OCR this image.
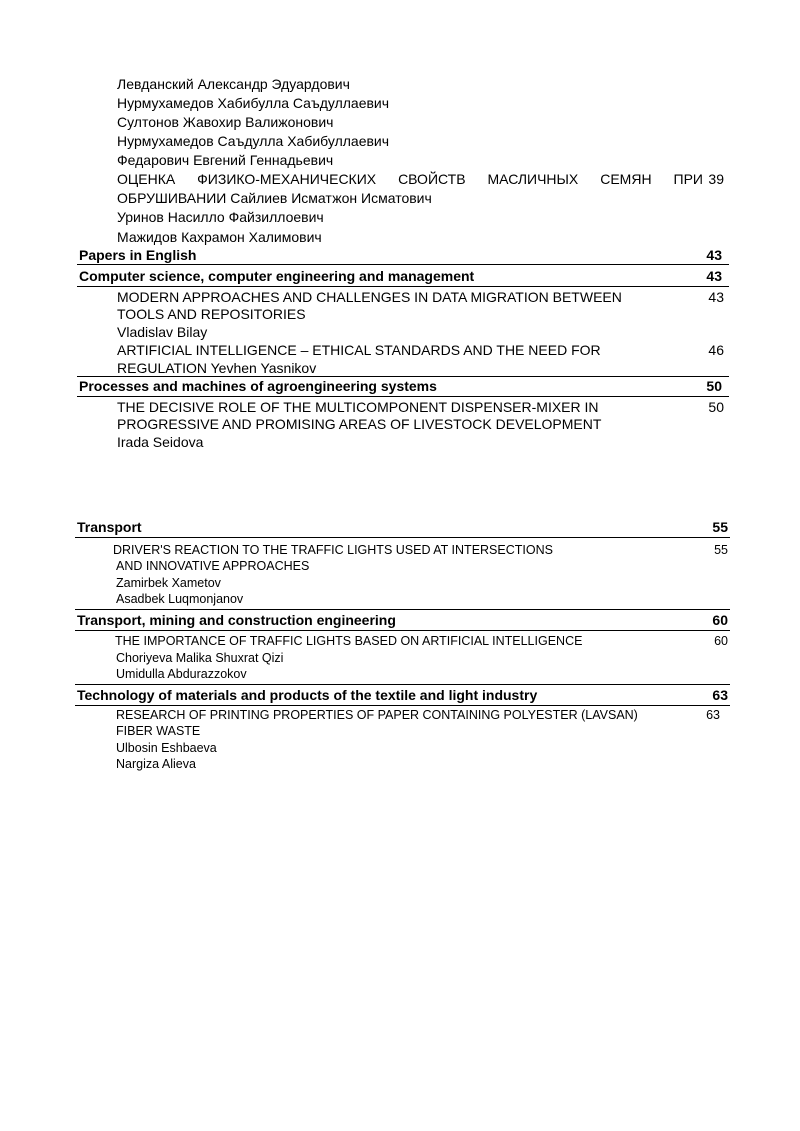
Левданский Александр Эдуардович
Нурмухамедов Хабибулла Саъдуллаевич
Султонов Жавохир Валижонович
Нурмухамедов Саъдулла Хабибуллаевич
Федарович Евгений Геннадьевич
ОЦЕНКА ФИЗИКО-МЕХАНИЧЕСКИХ СВОЙСТВ МАСЛИЧНЫХ СЕМЯН ПРИ 39
ОБРУШИВАНИИ Сайлиев Исматжон Исматович
Уринов Насилло Файзиллоевич
Мажидов Кахрамон Халимович
Papers in English	43
Computer science, computer engineering and management	43
MODERN APPROACHES AND CHALLENGES IN DATA MIGRATION BETWEEN	43
TOOLS AND REPOSITORIES
Vladislav Bilay
ARTIFICIAL INTELLIGENCE – ETHICAL STANDARDS AND THE NEED FOR	46
REGULATION Yevhen Yasnikov
Processes and machines of agroengineering systems	50
THE DECISIVE ROLE OF THE MULTICOMPONENT DISPENSER-MIXER IN	50
PROGRESSIVE AND PROMISING AREAS OF LIVESTOCK DEVELOPMENT
Irada Seidova
Transport	55
DRIVER'S REACTION TO THE TRAFFIC LIGHTS USED AT INTERSECTIONS	55
AND INNOVATIVE APPROACHES
Zamirbek Xametov
Asadbek Luqmonjanov
Transport, mining and construction engineering	60
THE IMPORTANCE OF TRAFFIC LIGHTS BASED ON ARTIFICIAL INTELLIGENCE	60
Choriyeva Malika Shuxrat Qizi
Umidulla Abdurazzokov
Technology of materials and products of the textile and light industry	63
RESEARCH OF PRINTING PROPERTIES OF PAPER CONTAINING POLYESTER (LAVSAN)	63
FIBER WASTE
Ulbosin Eshbaeva
Nargiza Alieva
